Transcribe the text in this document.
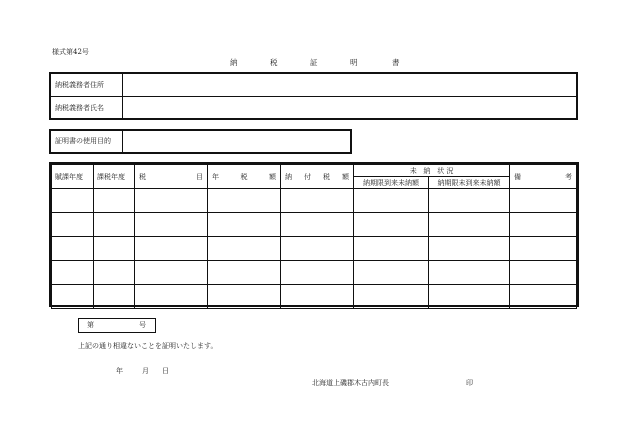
様式第42号
納	税	証	明	書
納税義務者住所
納税義務者氏名
証明書の使用目的
賦課年度	課税年度	税 目	年 税 額	納 付 税 額	未 納 状 況		備 考

					納期限到来未納額	納期限未到来未納額	

第	号
上記の通り相違ないことを証明いたします。
年	月 日
北海道上磯郡木古内町長	印
